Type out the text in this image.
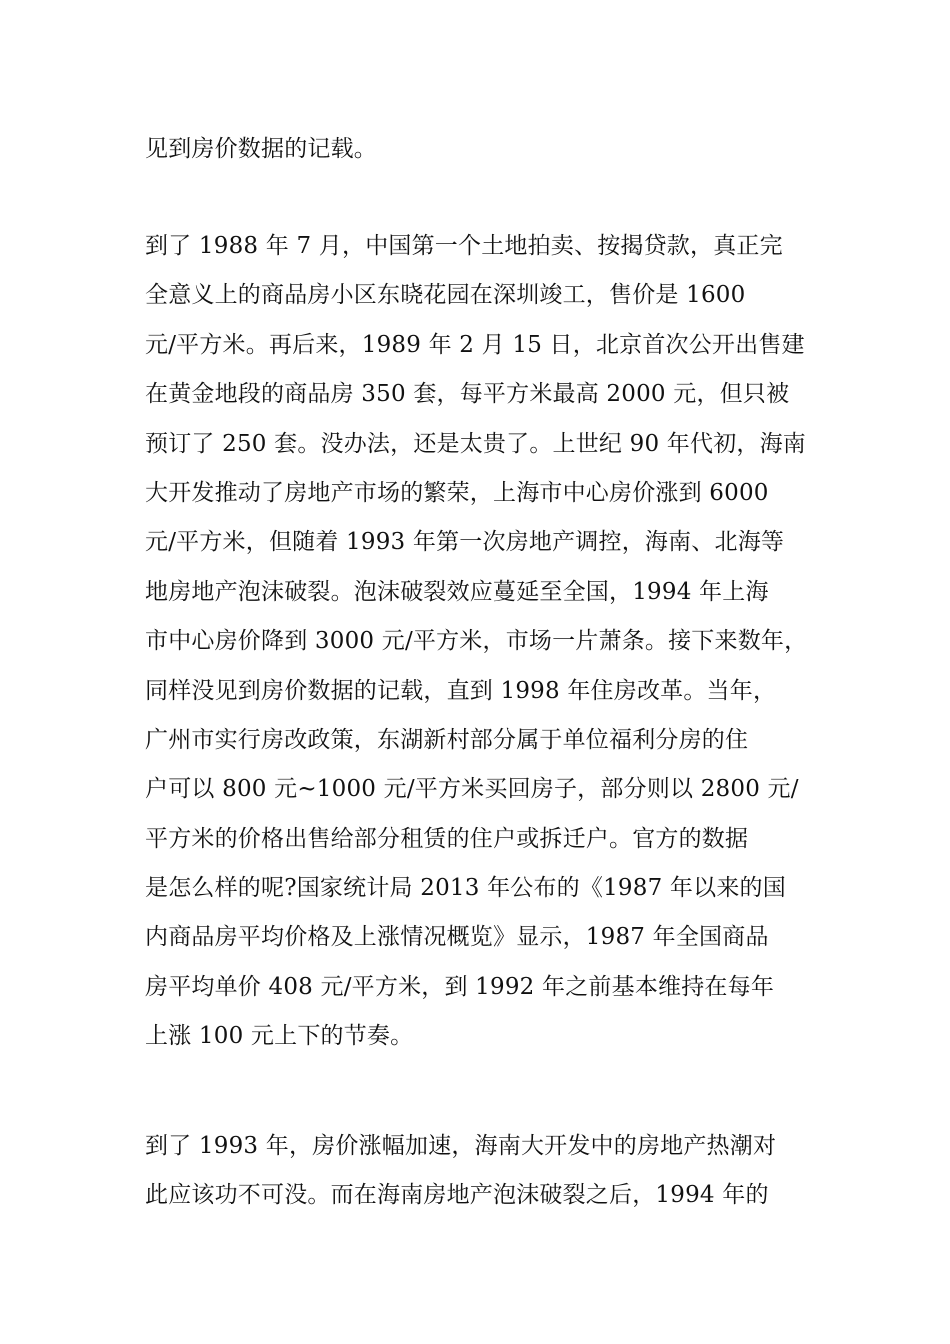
见到房价数据的记载。
到了 1988 年 7 月，中国第一个土地拍卖、按揭贷款，真正完
全意义上的商品房小区东晓花园在深圳竣工，售价是 1600
元/平方米。再后来，1989 年 2 月 15 日，北京首次公开出售建
在黄金地段的商品房 350 套，每平方米最高 2000 元，但只被
预订了 250 套。没办法，还是太贵了。上世纪 90 年代初，海南
大开发推动了房地产市场的繁荣，上海市中心房价涨到 6000
元/平方米，但随着 1993 年第一次房地产调控，海南、北海等
地房地产泡沫破裂。泡沫破裂效应蔓延至全国，1994 年上海
市中心房价降到 3000 元/平方米，市场一片萧条。接下来数年，
同样没见到房价数据的记载，直到 1998 年住房改革。当年，
广州市实行房改政策，东湖新村部分属于单位福利分房的住
户可以 800 元~1000 元/平方米买回房子，部分则以 2800 元/
平方米的价格出售给部分租赁的住户或拆迁户。官方的数据
是怎么样的呢?国家统计局 2013 年公布的《1987 年以来的国
内商品房平均价格及上涨情况概览》显示，1987 年全国商品
房平均单价 408 元/平方米，到 1992 年之前基本维持在每年
上涨 100 元上下的节奏。
到了 1993 年，房价涨幅加速，海南大开发中的房地产热潮对
此应该功不可没。而在海南房地产泡沫破裂之后，1994 年的
